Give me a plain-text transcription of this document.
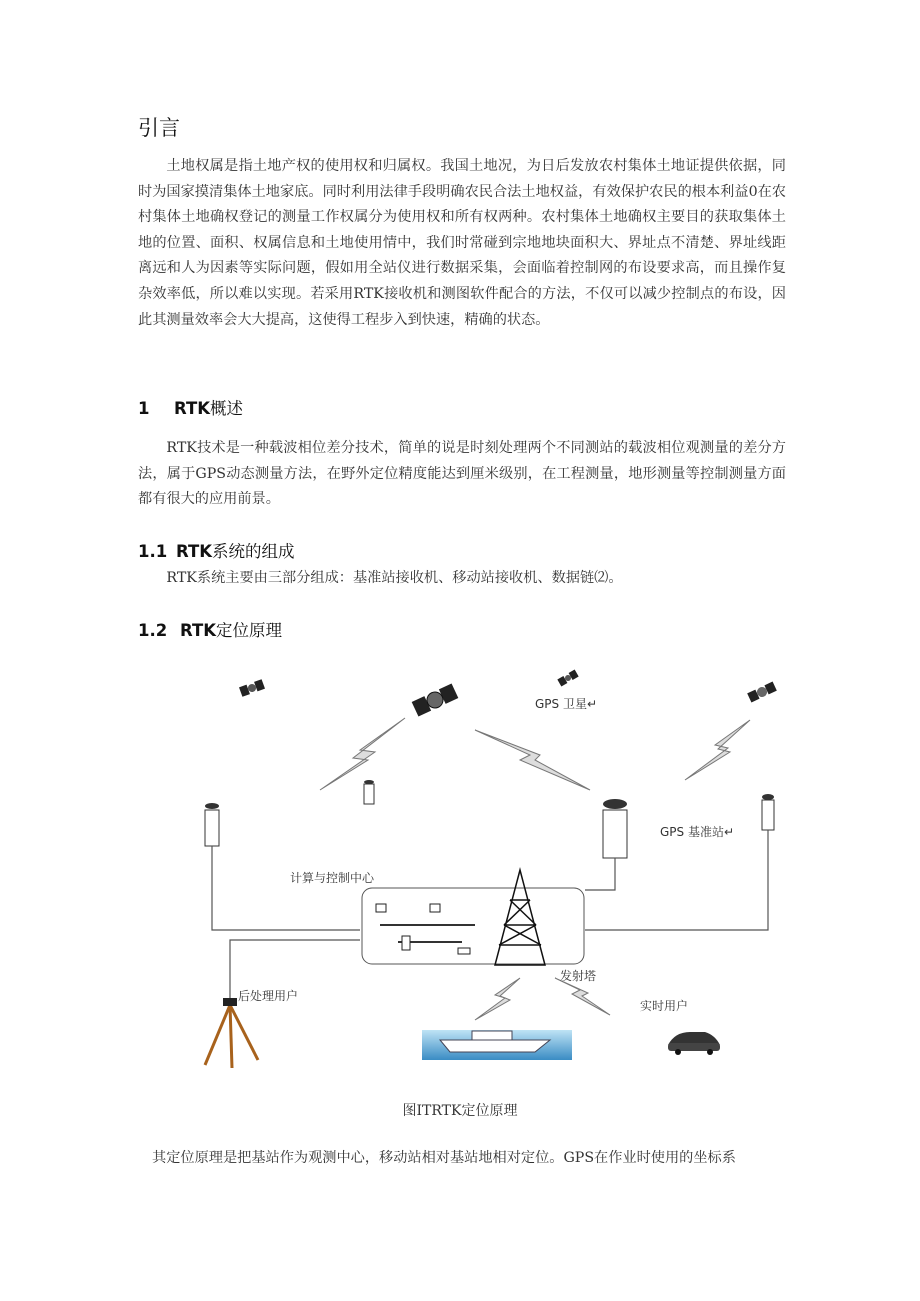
引言

土地权属是指土地产权的使用权和归属权。我国土地况，为日后发放农村集体土地证提供依据，同时为国家摸清集体土地家底。同时利用法律手段明确农民合法土地权益，有效保护农民的根本利益0在农村集体土地确权登记的测量工作权属分为使用权和所有权两种。农村集体土地确权主要目的获取集体土地的位置、面积、权属信息和土地使用情中，我们时常碰到宗地地块面积大、界址点不清楚、界址线距离远和人为因素等实际问题，假如用全站仪进行数据采集，会面临着控制网的布设要求高，而且操作复杂效率低，所以难以实现。若采用RTK接收机和测图软件配合的方法，不仅可以减少控制点的布设，因此其测量效率会大大提高，这使得工程步入到快速，精确的状态。

1 RTK概述

RTK技术是一种载波相位差分技术，简单的说是时刻处理两个不同测站的载波相位观测量的差分方法，属于GPS动态测量方法，在野外定位精度能达到厘米级别，在工程测量，地形测量等控制测量方面都有很大的应用前景。

1.1 RTK系统的组成

RTK系统主要由三部分组成：基准站接收机、移动站接收机、数据链⑵。

1.2 RTK定位原理
GPS 卫星↵
GPS 基准站↵
计算与控制中心
发射塔
后处理用户
实时用户

图ITRTK定位原理

其定位原理是把基站作为观测中心，移动站相对基站地相对定位。GPS在作业时使用的坐标系
